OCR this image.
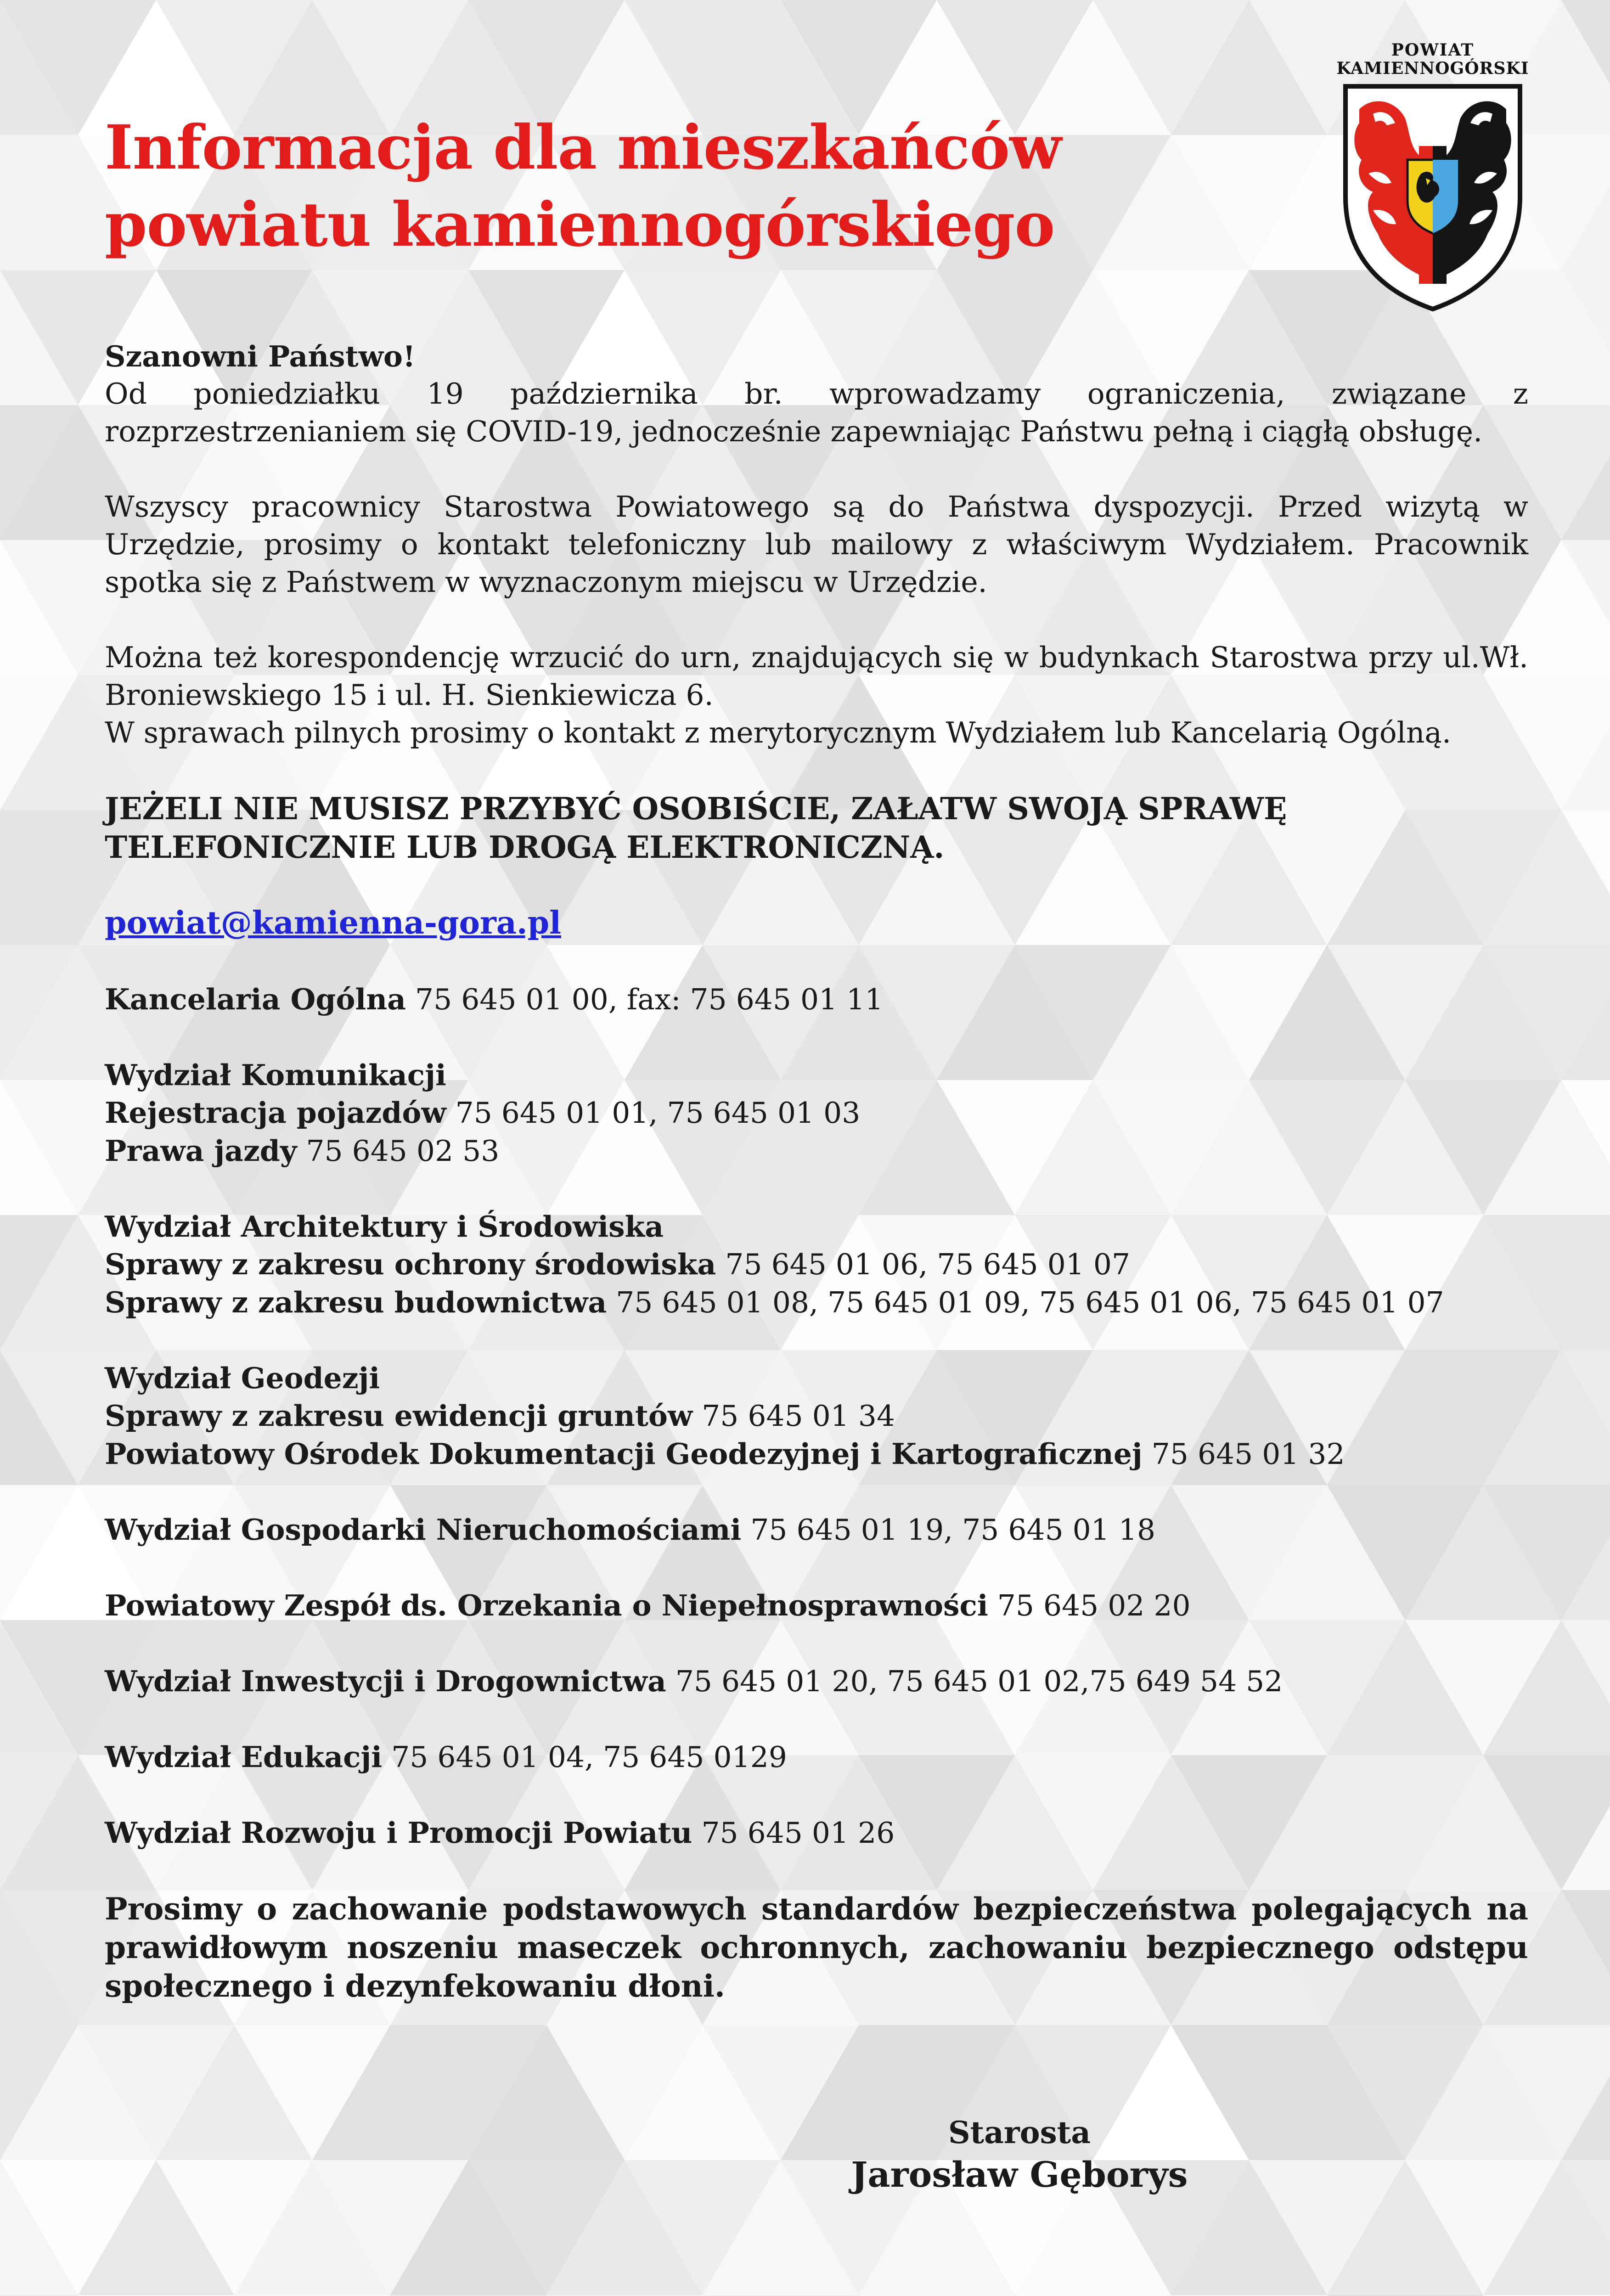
Informacja dla mieszkańców
powiatu kamiennogórskiego
POWIAT
KAMIENNOGÓRSKI

Szanowni Państwo!

Od poniedziałku 19 października br. wprowadzamy ograniczenia, związane z rozprzestrzenianiem się COVID-19, jednocześnie zapewniając Państwu pełną i ciągłą obsługę.

Wszyscy pracownicy Starostwa Powiatowego są do Państwa dyspozycji. Przed wizytą w Urzędzie, prosimy o kontakt telefoniczny lub mailowy z właściwym Wydziałem. Pracownik spotka się z Państwem w wyznaczonym miejscu w Urzędzie.

Można też korespondencję wrzucić do urn, znajdujących się w budynkach Starostwa przy ul.Wł. Broniewskiego 15 i ul. H. Sienkiewicza 6.

W sprawach pilnych prosimy o kontakt z merytorycznym Wydziałem lub Kancelarią Ogólną.

JEŻELI NIE MUSISZ PRZYBYĆ OSOBIŚCIE, ZAŁATW SWOJĄ SPRAWĘ TELEFONICZNIE LUB DROGĄ ELEKTRONICZNĄ.

powiat@kamienna-gora.pl

Kancelaria Ogólna 75 645 01 00, fax: 75 645 01 11

Wydział Komunikacji

Rejestracja pojazdów 75 645 01 01, 75 645 01 03

Prawa jazdy 75 645 02 53

Wydział Architektury i Środowiska

Sprawy z zakresu ochrony środowiska 75 645 01 06, 75 645 01 07

Sprawy z zakresu budownictwa 75 645 01 08, 75 645 01 09, 75 645 01 06, 75 645 01 07

Wydział Geodezji

Sprawy z zakresu ewidencji gruntów 75 645 01 34

Powiatowy Ośrodek Dokumentacji Geodezyjnej i Kartograficznej 75 645 01 32

Wydział Gospodarki Nieruchomościami 75 645 01 19, 75 645 01 18

Powiatowy Zespół ds. Orzekania o Niepełnosprawności 75 645 02 20

Wydział Inwestycji i Drogownictwa 75 645 01 20, 75 645 01 02,75 649 54 52

Wydział Edukacji 75 645 01 04, 75 645 0129

Wydział Rozwoju i Promocji Powiatu 75 645 01 26

Prosimy o zachowanie podstawowych standardów bezpieczeństwa polegających na prawidłowym noszeniu maseczek ochronnych, zachowaniu bezpiecznego odstępu społecznego i dezynfekowaniu dłoni.

Starosta
Jarosław Gęborys
